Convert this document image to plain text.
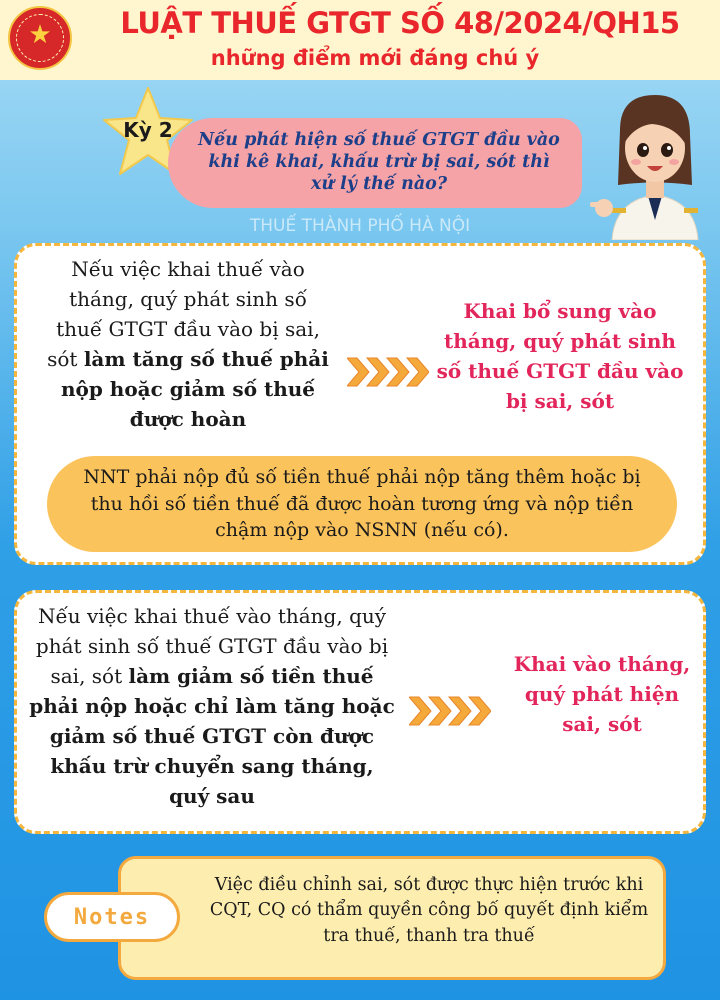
★	LUẬT THUẾ GTGT SỐ 48/2024/QH15
những điểm mới đáng chú ý
Kỳ 2	Nếu phát hiện số thuế GTGT đầu vào khi kê khai, khấu trừ bị sai, sót thì xử lý thế nào?
THUẾ THÀNH PHỐ HÀ NỘI
Nếu việc khai thuế vào tháng, quý phát sinh số thuế GTGT đầu vào bị sai, sót làm tăng số thuế phải nộp hoặc giảm số thuế được hoàn
Khai bổ sung vào tháng, quý phát sinh số thuế GTGT đầu vào bị sai, sót
NNT phải nộp đủ số tiền thuế phải nộp tăng thêm hoặc bị thu hồi số tiền thuế đã được hoàn tương ứng và nộp tiền chậm nộp vào NSNN (nếu có).
Nếu việc khai thuế vào tháng, quý phát sinh số thuế GTGT đầu vào bị sai, sót làm giảm số tiền thuế phải nộp hoặc chỉ làm tăng hoặc giảm số thuế GTGT còn được khấu trừ chuyển sang tháng, quý sau
Khai vào tháng, quý phát hiện sai, sót
Việc điều chỉnh sai, sót được thực hiện trước khi CQT, CQ có thẩm quyền công bố quyết định kiểm tra thuế, thanh tra thuế
Notes
